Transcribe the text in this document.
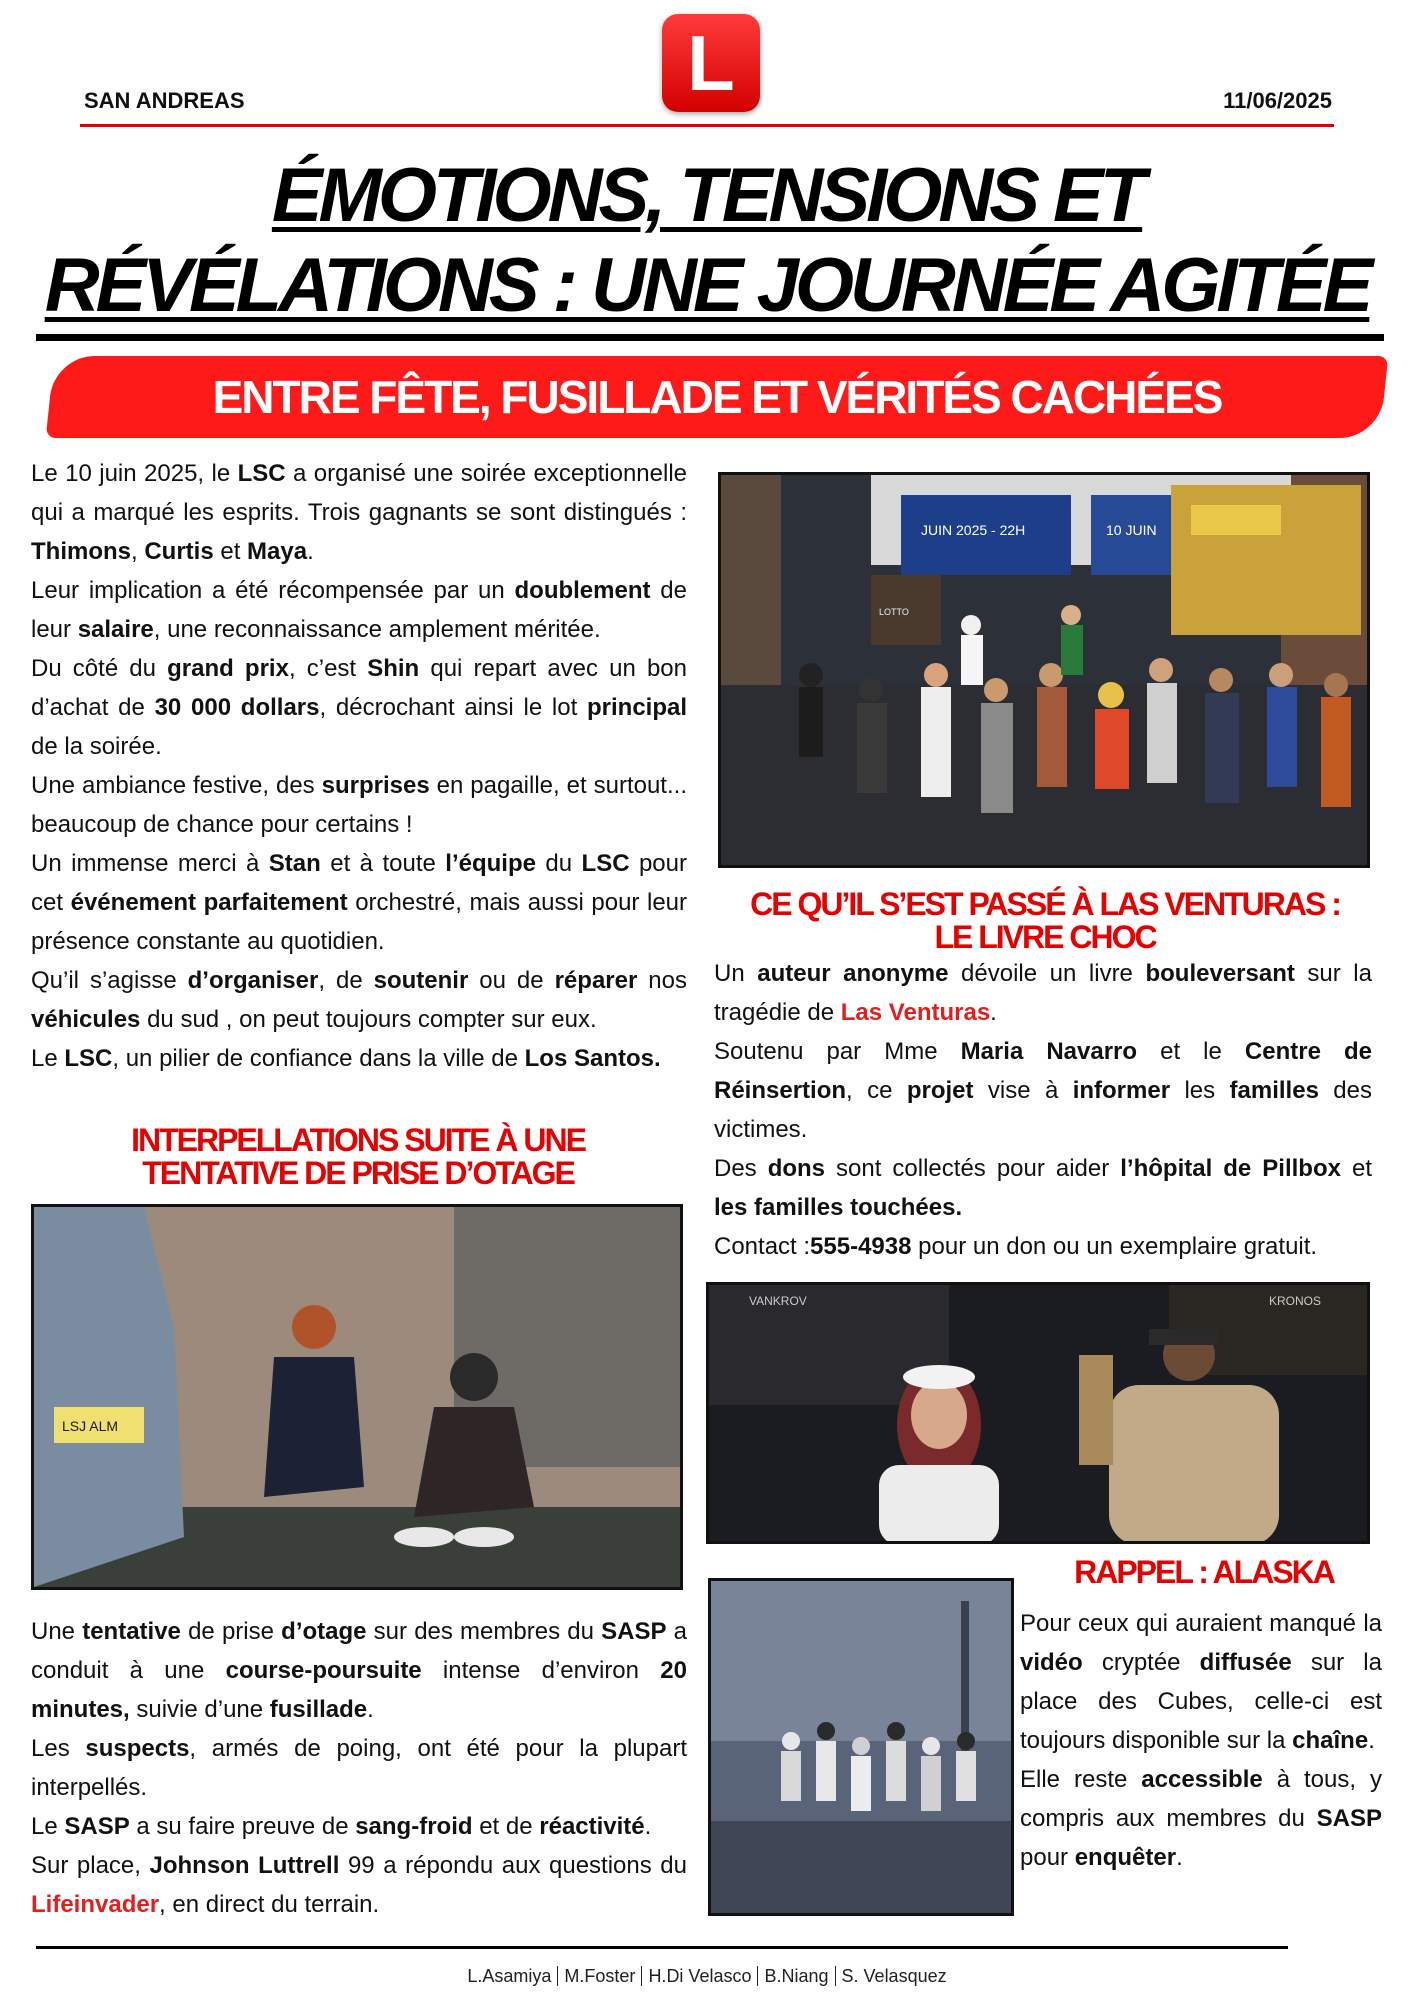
L
SAN ANDREAS	11/06/2025
ÉMOTIONS, TENSIONS ET
RÉVÉLATIONS : UNE JOURNÉE AGITÉE
ENTRE FÊTE, FUSILLADE ET VÉRITÉS CACHÉES

Le 10 juin 2025, le LSC a organisé une soirée exceptionnelle qui a marqué les esprits. Trois gagnants se sont distingués : Thimons, Curtis et Maya.

Leur implication a été récompensée par un doublement de leur salaire, une reconnaissance amplement méritée.

Du côté du grand prix, c’est Shin qui repart avec un bon d’achat de 30 000 dollars, décrochant ainsi le lot principal de la soirée.

Une ambiance festive, des surprises en pagaille, et surtout... beaucoup de chance pour certains !

Un immense merci à Stan et à toute l’équipe du LSC pour cet événement parfaitement orchestré, mais aussi pour leur présence constante au quotidien.

Qu’il s’agisse d’organiser, de soutenir ou de réparer nos véhicules du sud , on peut toujours compter sur eux.

Le LSC, un pilier de confiance dans la ville de Los Santos.

JUIN 2025 - 22H	10 JUIN
LOTTO
CE QU’IL S’EST PASSÉ À LAS VENTURAS :
LE LIVRE CHOC

Un auteur anonyme dévoile un livre bouleversant sur la tragédie de Las Venturas.

Soutenu par Mme Maria Navarro et le Centre de Réinsertion, ce projet vise à informer les familles des victimes.

Des dons sont collectés pour aider l’hôpital de Pillbox et les familles touchées.

Contact :555-4938 pour un don ou un exemplaire gratuit.

VANKROV	KRONOS
INTERPELLATIONS SUITE À UNE
TENTATIVE DE PRISE D’OTAGE
LSJ ALM

Une tentative de prise d’otage sur des membres du SASP a conduit à une course-poursuite intense d’environ 20 minutes, suivie d’une fusillade.

Les suspects, armés de poing, ont été pour la plupart interpellés.

Le SASP a su faire preuve de sang-froid et de réactivité.

Sur place, Johnson Luttrell 99 a répondu aux questions du Lifeinvader, en direct du terrain.

RAPPEL : ALASKA

Pour ceux qui auraient manqué la vidéo cryptée diffusée sur la place des Cubes, celle-ci est toujours disponible sur la chaîne.

Elle reste accessible à tous, y compris aux membres du SASP pour enquêter.

L.Asamiya M.Foster H.Di Velasco B.Niang S. Velasquez
